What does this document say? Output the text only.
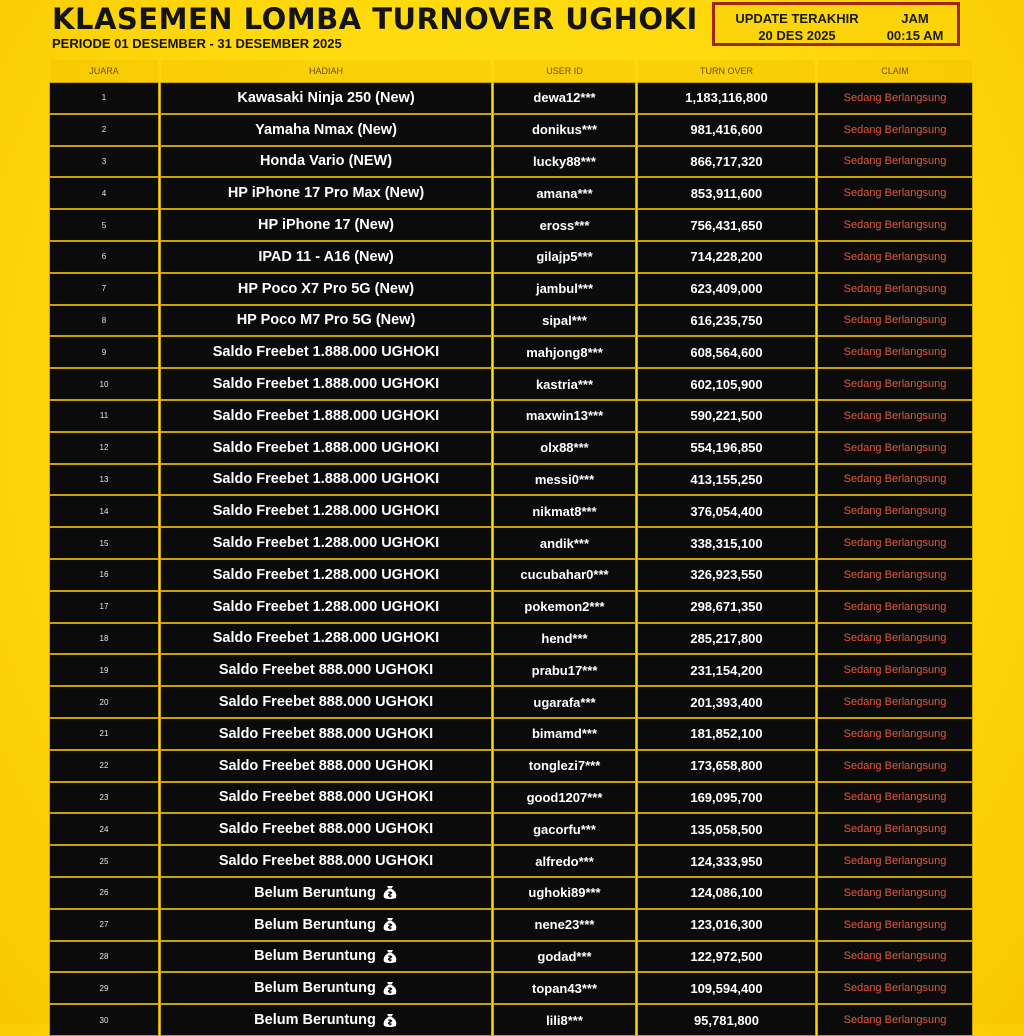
KLASEMEN LOMBA TURNOVER UGHOKI
PERIODE 01 DESEMBER - 31 DESEMBER 2025
UPDATE TERAKHIR
20 DES 2025
JAM
00:15 AM
JUARA	HADIAH	USER ID	TURN OVER	CLAIM
1	Kawasaki Ninja 250 (New)	dewa12***	1,183,116,800	Sedang Berlangsung
2	Yamaha Nmax (New)	donikus***	981,416,600	Sedang Berlangsung
3	Honda Vario (NEW)	lucky88***	866,717,320	Sedang Berlangsung
4	HP iPhone 17 Pro Max (New)	amana***	853,911,600	Sedang Berlangsung
5	HP iPhone 17 (New)	eross***	756,431,650	Sedang Berlangsung
6	IPAD 11 - A16 (New)	gilajp5***	714,228,200	Sedang Berlangsung
7	HP Poco X7 Pro 5G (New)	jambul***	623,409,000	Sedang Berlangsung
8	HP Poco M7 Pro 5G (New)	sipal***	616,235,750	Sedang Berlangsung
9	Saldo Freebet 1.888.000 UGHOKI	mahjong8***	608,564,600	Sedang Berlangsung
10	Saldo Freebet 1.888.000 UGHOKI	kastria***	602,105,900	Sedang Berlangsung
11	Saldo Freebet 1.888.000 UGHOKI	maxwin13***	590,221,500	Sedang Berlangsung
12	Saldo Freebet 1.888.000 UGHOKI	olx88***	554,196,850	Sedang Berlangsung
13	Saldo Freebet 1.888.000 UGHOKI	messi0***	413,155,250	Sedang Berlangsung
14	Saldo Freebet 1.288.000 UGHOKI	nikmat8***	376,054,400	Sedang Berlangsung
15	Saldo Freebet 1.288.000 UGHOKI	andik***	338,315,100	Sedang Berlangsung
16	Saldo Freebet 1.288.000 UGHOKI	cucubahar0***	326,923,550	Sedang Berlangsung
17	Saldo Freebet 1.288.000 UGHOKI	pokemon2***	298,671,350	Sedang Berlangsung
18	Saldo Freebet 1.288.000 UGHOKI	hend***	285,217,800	Sedang Berlangsung
19	Saldo Freebet 888.000 UGHOKI	prabu17***	231,154,200	Sedang Berlangsung
20	Saldo Freebet 888.000 UGHOKI	ugarafa***	201,393,400	Sedang Berlangsung
21	Saldo Freebet 888.000 UGHOKI	bimamd***	181,852,100	Sedang Berlangsung
22	Saldo Freebet 888.000 UGHOKI	tonglezi7***	173,658,800	Sedang Berlangsung
23	Saldo Freebet 888.000 UGHOKI	good1207***	169,095,700	Sedang Berlangsung
24	Saldo Freebet 888.000 UGHOKI	gacorfu***	135,058,500	Sedang Berlangsung
25	Saldo Freebet 888.000 UGHOKI	alfredo***	124,333,950	Sedang Berlangsung
26	Belum Beruntung	ughoki89***	124,086,100	Sedang Berlangsung
27	Belum Beruntung	nene23***	123,016,300	Sedang Berlangsung
28	Belum Beruntung	godad***	122,972,500	Sedang Berlangsung
29	Belum Beruntung	topan43***	109,594,400	Sedang Berlangsung
30	Belum Beruntung	lili8***	95,781,800	Sedang Berlangsung
